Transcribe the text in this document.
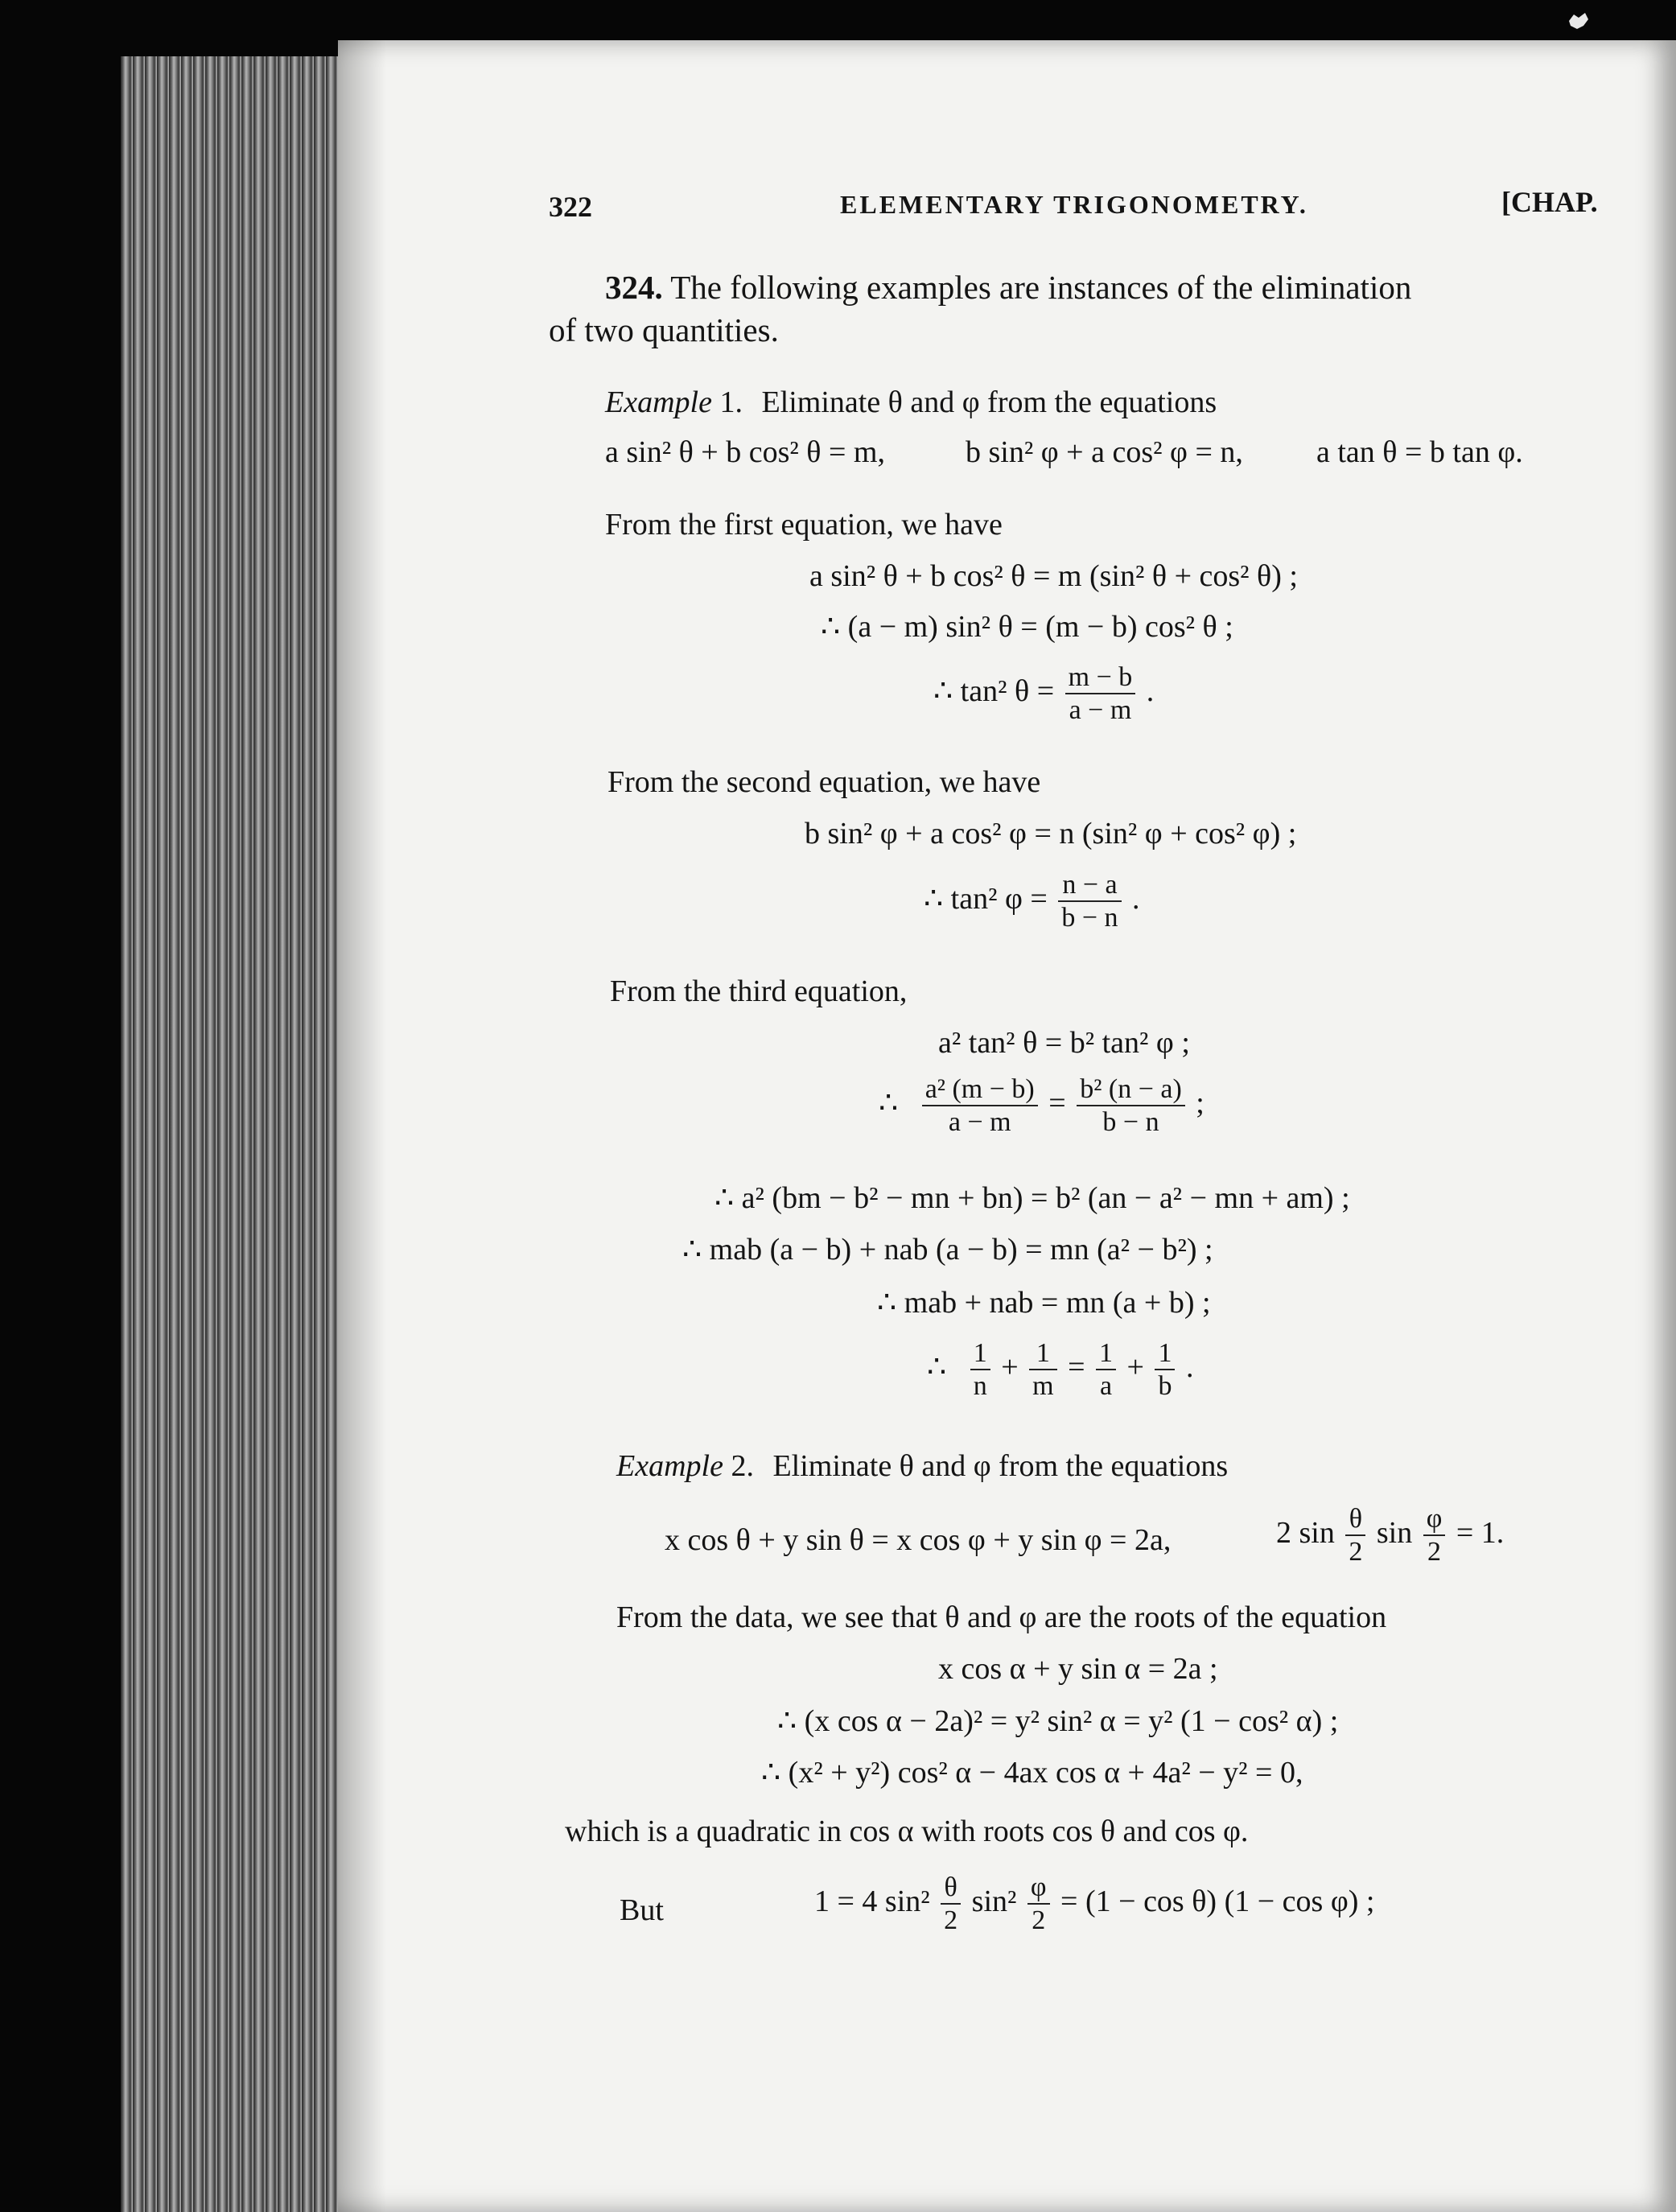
322	ELEMENTARY TRIGONOMETRY.	[CHAP.
324. The following examples are instances of the elimination
of two quantities.
Example 1. Eliminate θ and φ from the equations
a sin² θ + b cos² θ = m,	b sin² φ + a cos² φ = n, a tan θ = b tan φ.
From the first equation, we have
a sin² θ + b cos² θ = m (sin² θ + cos² θ) ;
∴ (a − m) sin² θ = (m − b) cos² θ ;
∴ tan² $\theta = \frac{m - b}{a - m}$ .
From the second equation, we have
b sin² φ + a cos² φ = n (sin² φ + cos² φ) ;
∴ tan² $\varphi = \frac{n - a}{b - n}$ .
From the third equation,
a² tan² θ = b² tan² φ ;
∴ $\frac{\text{a² (m − b)}}{a - m} = \frac{\text{b² (n − a)}}{b - n}$ ;
∴ a² (bm − b² − mn + bn) = b² (an − a² − mn + am) ;
∴ mab (a − b) + nab (a − b) = mn (a² − b²) ;
∴ mab + nab = mn (a + b) ;
∴ $\frac{1}{n} + \frac{1}{m} = \frac{1}{a} + \frac{1}{b}$ .
Example 2. Eliminate θ and φ from the equations
x cos θ + y sin θ = x cos φ + y sin φ = 2a,	2 $\sin \frac{\theta}{2}$ $\sin \frac{\varphi}{2} = 1$.
From the data, we see that θ and φ are the roots of the equation
x cos α + y sin α = 2a ;
∴ (x cos α − 2a)² = y² sin² α = y² (1 − cos² α) ;
∴ (x² + y²) cos² α − 4ax cos α + 4a² − y² = 0,
which is a quadratic in cos α with roots cos θ and cos φ.
But	1 = 4 $\sin^2 \frac{\theta}{2} \sin^2 \frac{\varphi}{2} = (1 - \cos \theta) (1 - \cos \varphi)$ ;
